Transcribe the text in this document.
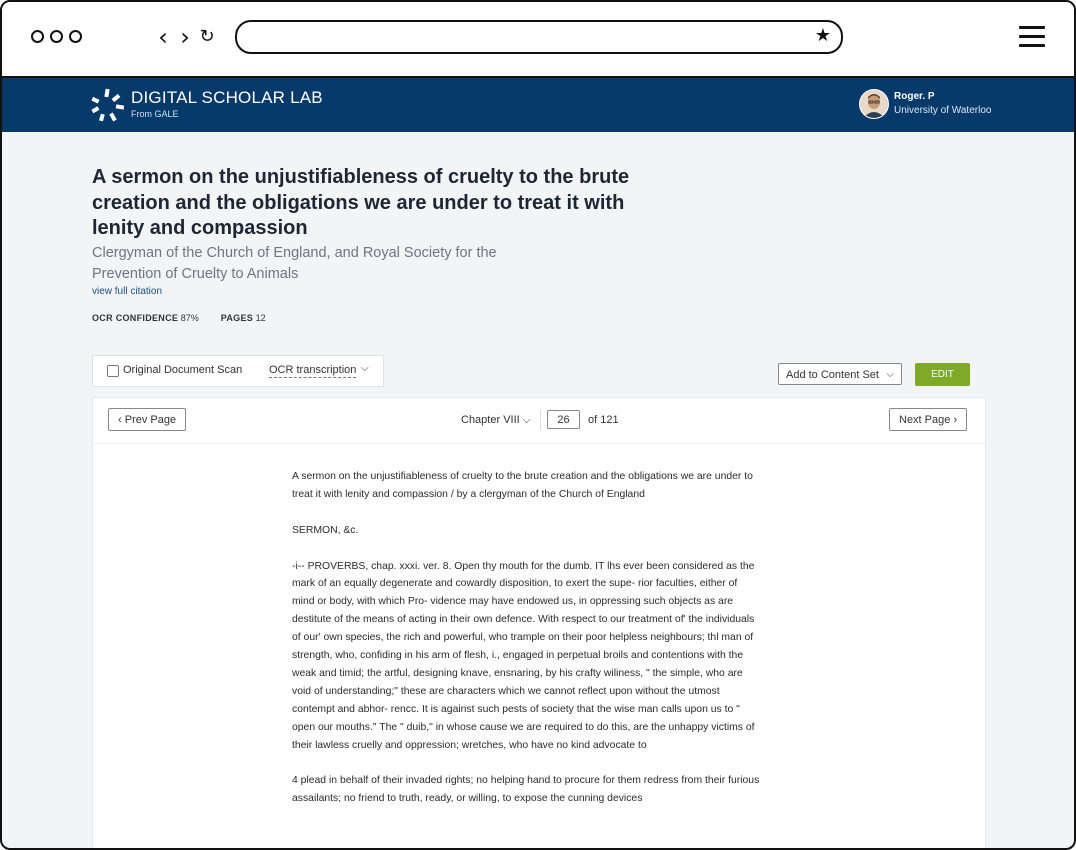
‹ › ↻	★
DIGITAL SCHOLAR LAB
From GALE
Roger. P
University of Waterloo
A sermon on the unjustifiableness of cruelty to the brute creation and the obligations we are under to treat it with lenity and compassion
Clergyman of the Church of England, and Royal Society for the Prevention of Cruelty to Animals
view full citation
OCR CONFIDENCE 87% PAGES 12
Original Document Scan OCR transcription ⌵
Add to Content Set ⌵	EDIT
‹ Prev Page	Chapter VIII ⌵	26	of 121	Next Page ›

A sermon on the unjustifiableness of cruelty to the brute creation and the obligations we are under to treat it with lenity and compassion / by a clergyman of the Church of England

SERMON, &c.

-i-- PROVERBS, chap. xxxi. ver. 8. Open thy mouth for the dumb. IT lhs ever been considered as the mark of an equally degenerate and cowardly disposition, to exert the supe- rior faculties, either of mind or body, with which Pro- vidence may have endowed us, in oppressing such objects as are destitute of the means of acting in their own defence. With respect to our treatment of' the individuals of our' own species, the rich and powerful, who trample on their poor helpless neighbours; thl man of strength, who, confiding in his arm of flesh, i., engaged in perpetual broils and contentions with the weak and timid; the artful, designing knave, ensnaring, by his crafty wiliness, " the simple, who are void of understanding;" these are characters which we cannot reflect upon without the utmost contempt and abhor- rencc. It is against such pests of society that the wise man calls upon us to " open our mouths." The " duib," in whose cause we are required to do this, are the unhappy victims of their lawless cruelly and oppression; wretches, who have no kind advocate to

4 plead in behalf of their invaded rights; no helping hand to procure for them redress from their furious assailants; no friend to truth, ready, or willing, to expose the cunning devices
